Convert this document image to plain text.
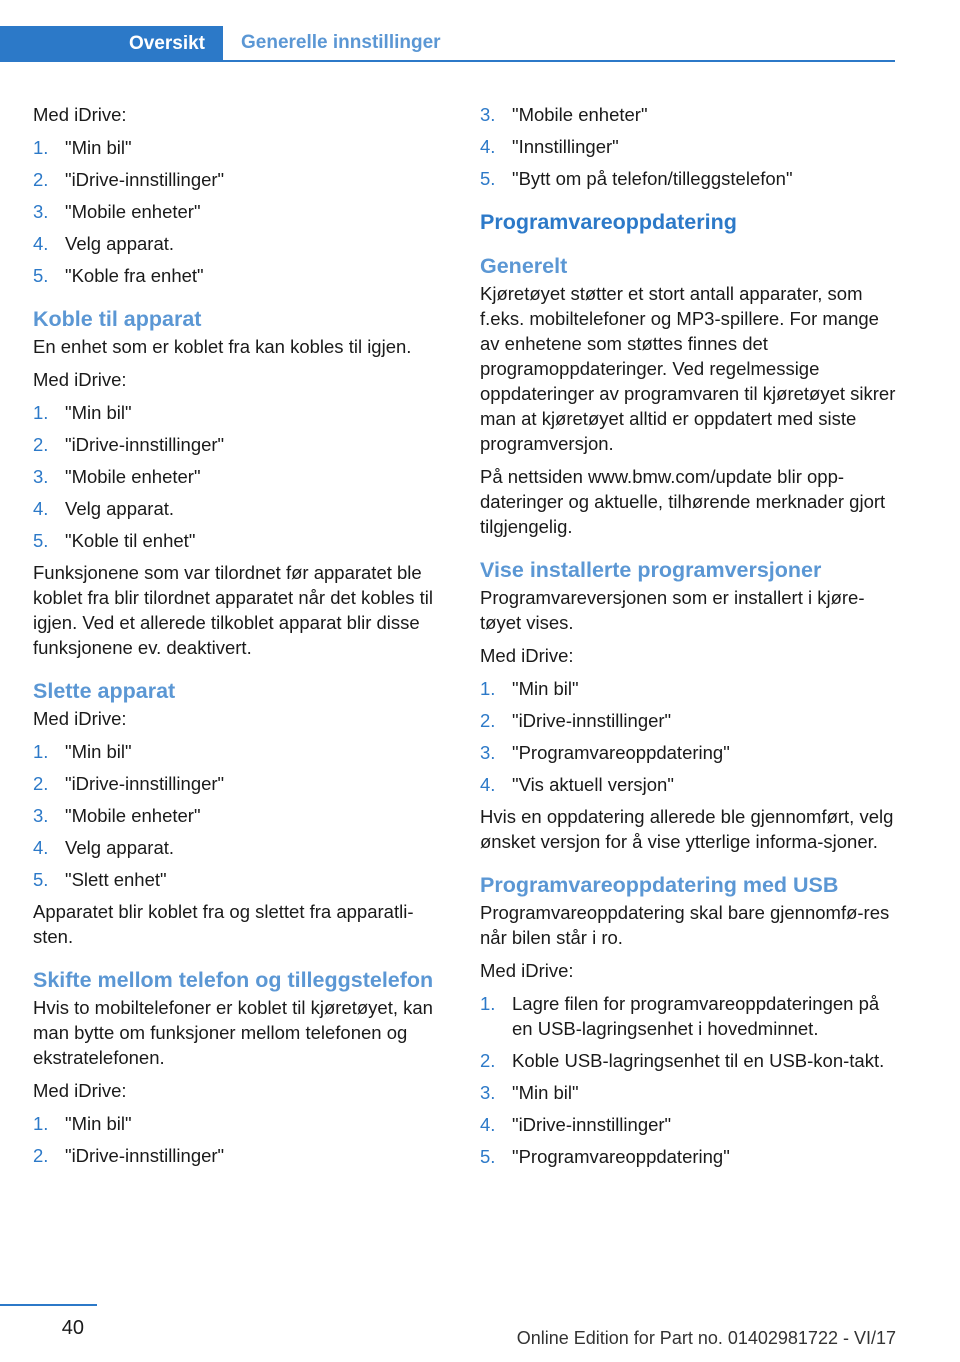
Oversikt	Generelle innstillinger

Med iDrive:

1. "Min bil"
2. "iDrive-innstillinger"
3. "Mobile enheter"
4. Velg apparat.
5. "Koble fra enhet"
Koble til apparat

En enhet som er koblet fra kan kobles til igjen.

Med iDrive:

1. "Min bil"
2. "iDrive-innstillinger"
3. "Mobile enheter"
4. Velg apparat.
5. "Koble til enhet"

Funksjonene som var tilordnet før apparatet ble koblet fra blir tilordnet apparatet når det kobles til igjen. Ved et allerede tilkoblet apparat blir disse funksjonene ev. deaktivert.

Slette apparat

Med iDrive:

1. "Min bil"
2. "iDrive-innstillinger"
3. "Mobile enheter"
4. Velg apparat.
5. "Slett enhet"

Apparatet blir koblet fra og slettet fra apparatli-sten.

Skifte mellom telefon og tilleggstelefon

Hvis to mobiltelefoner er koblet til kjøretøyet, kan man bytte om funksjoner mellom telefonen og ekstratelefonen.

Med iDrive:

1. "Min bil"
2. "iDrive-innstillinger"
3. "Mobile enheter"
4. "Innstillinger"
5. "Bytt om på telefon/tilleggstelefon"
Programvareoppdatering
Generelt

Kjøretøyet støtter et stort antall apparater, som f.eks. mobiltelefoner og MP3-spillere. For mange av enhetene som støttes finnes det programoppdateringer. Ved regelmessige oppdateringer av programvaren til kjøretøyet sikrer man at kjøretøyet alltid er oppdatert med siste programversjon.

På nettsiden www.bmw.com/update blir opp-dateringer og aktuelle, tilhørende merknader gjort tilgjengelig.

Vise installerte programversjoner

Programvareversjonen som er installert i kjøre-tøyet vises.

Med iDrive:

1. "Min bil"
2. "iDrive-innstillinger"
3. "Programvareoppdatering"
4. "Vis aktuell versjon"

Hvis en oppdatering allerede ble gjennomført, velg ønsket versjon for å vise ytterlige informa-sjoner.

Programvareoppdatering med USB

Programvareoppdatering skal bare gjennomfø-res når bilen står i ro.

Med iDrive:

1. Lagre filen for programvareoppdateringen på en USB-lagringsenhet i hovedminnet.
2. Koble USB-lagringsenhet til en USB-kon-takt.
3. "Min bil"
4. "iDrive-innstillinger"
5. "Programvareoppdatering"
40	Online Edition for Part no. 01402981722 - VI/17
